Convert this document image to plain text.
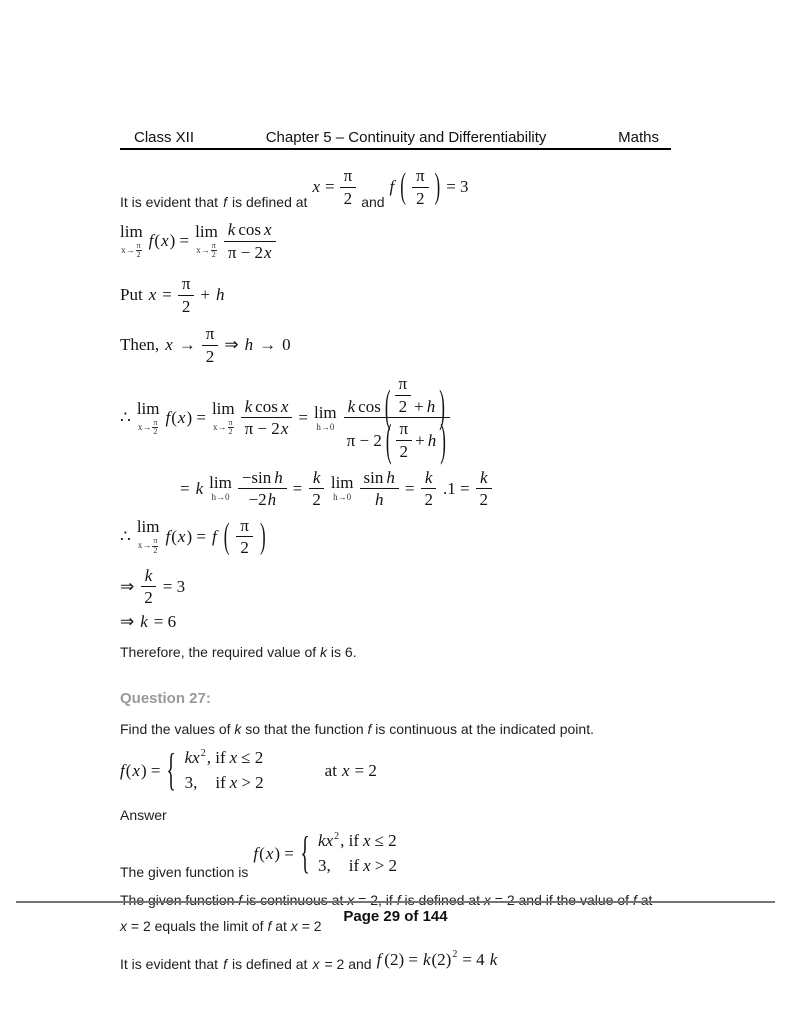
Class XII	Chapter 5 – Continuity and Differentiability	Maths
It is evident that f is defined at
$x = \frac{\pi}{2}$ and
f ( $\frac{\pi}{2}$ ) = 3
lim
$x\to \frac{\pi}{2}$
f ( x ) = lim
$x\to \frac{\pi}{2} \frac{\text{k cos x}}{\pi - 2 x}$
Put $x = \frac{\pi}{2} + h$
Then, $x \to \frac{\pi}{2}$ ⇒ h → 0
∴ lim
$x\to \frac{\pi}{2}$
f ( x ) = lim
$x\to \frac{\pi}{2} \frac{\text{k cos x}}{\pi - 2 x} = \lim$
h→0
k cos ( $\frac{\pi}{2} + h$ )
π − 2 ( $\frac{\pi}{2} + h$ )
= k lim
$h\to 0 \frac{\text{−sin h}}{-2 h} = \frac{k}{2}$ lim
$h\to 0 \frac{\text{sin h}}{h} = \frac{k}{2} .1 = \frac{k}{2}$
∴ lim
$x\to \frac{\pi}{2}$
f ( x ) = f ( $\frac{\pi}{2}$ )
⇒ $\frac{k}{2} = 3$
⇒ k = 6
Therefore, the required value of k is 6.
Question 27:
Find the values of k so that the function f is continuous at the indicated point.
f ( x ) = { kx 2 , if x ≤ 2
3, if x > 2
at x = 2
Answer
The given function is
f ( x ) = { kx 2 , if x ≤ 2
3, if x > 2
The given function f is continuous at x = 2, if f is defined at x = 2 and if the value of f at
x = 2 equals the limit of f at x = 2
It is evident that f is defined at x = 2 and f (2) = k (2) 2 = 4 k
Page 29 of 144
